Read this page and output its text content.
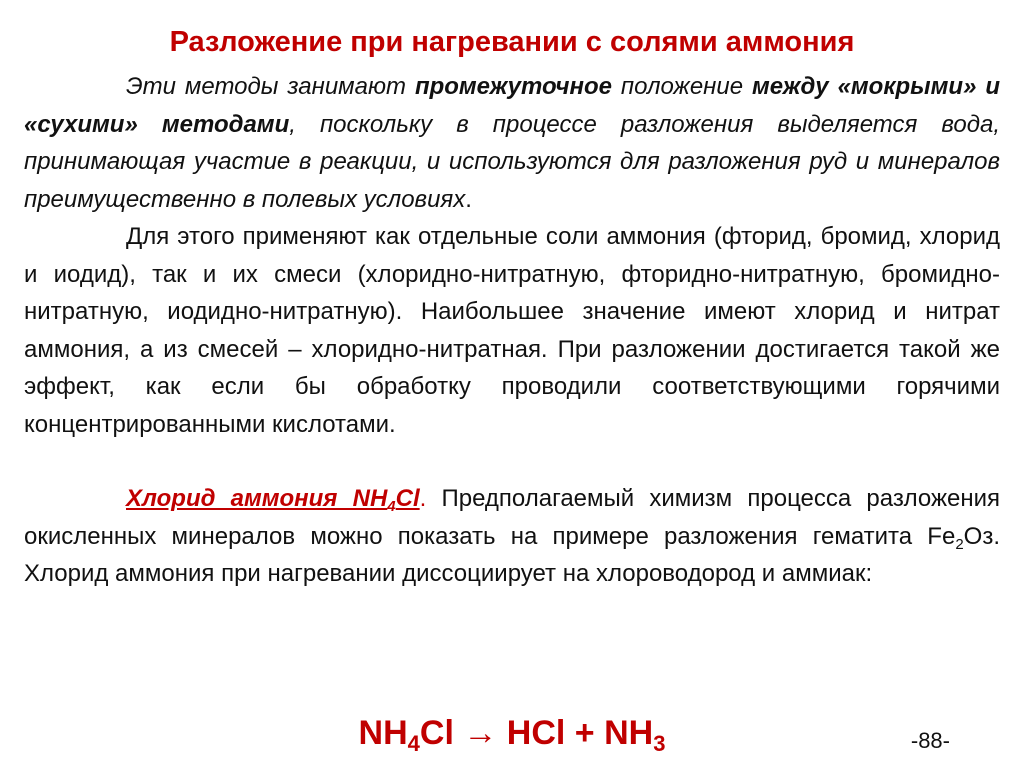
Разложение при нагревании с солями аммония

Эти методы занимают промежуточное положение между «мокрыми» и «сухими» методами, поскольку в процессе разложения выделяется вода, принимающая участие в реакции, и используются для разложения руд и минералов преимущественно в полевых условиях.

Для этого применяют как отдельные соли аммония (фторид, бромид, хлорид и иодид), так и их смеси (хлоридно-нитратную, фторидно-нитратную, бромидно-нитратную, иодидно-нитратную). Наибольшее значение имеют хлорид и нитрат аммония, а из смесей – хлоридно-нитратная. При разложении достигается такой же эффект, как если бы обработку проводили соответствующими горячими концентрированными кислотами.

Хлорид аммония $NH_4Cl$. Предполагаемый химизм процесса разложения окисленных минералов можно показать на примере разложения гематита $Fe_2Oз$. Хлорид аммония при нагревании диссоциирует на хлороводород и аммиак:

$NH_4Cl$ → HCl + $NH_3$	-88-
